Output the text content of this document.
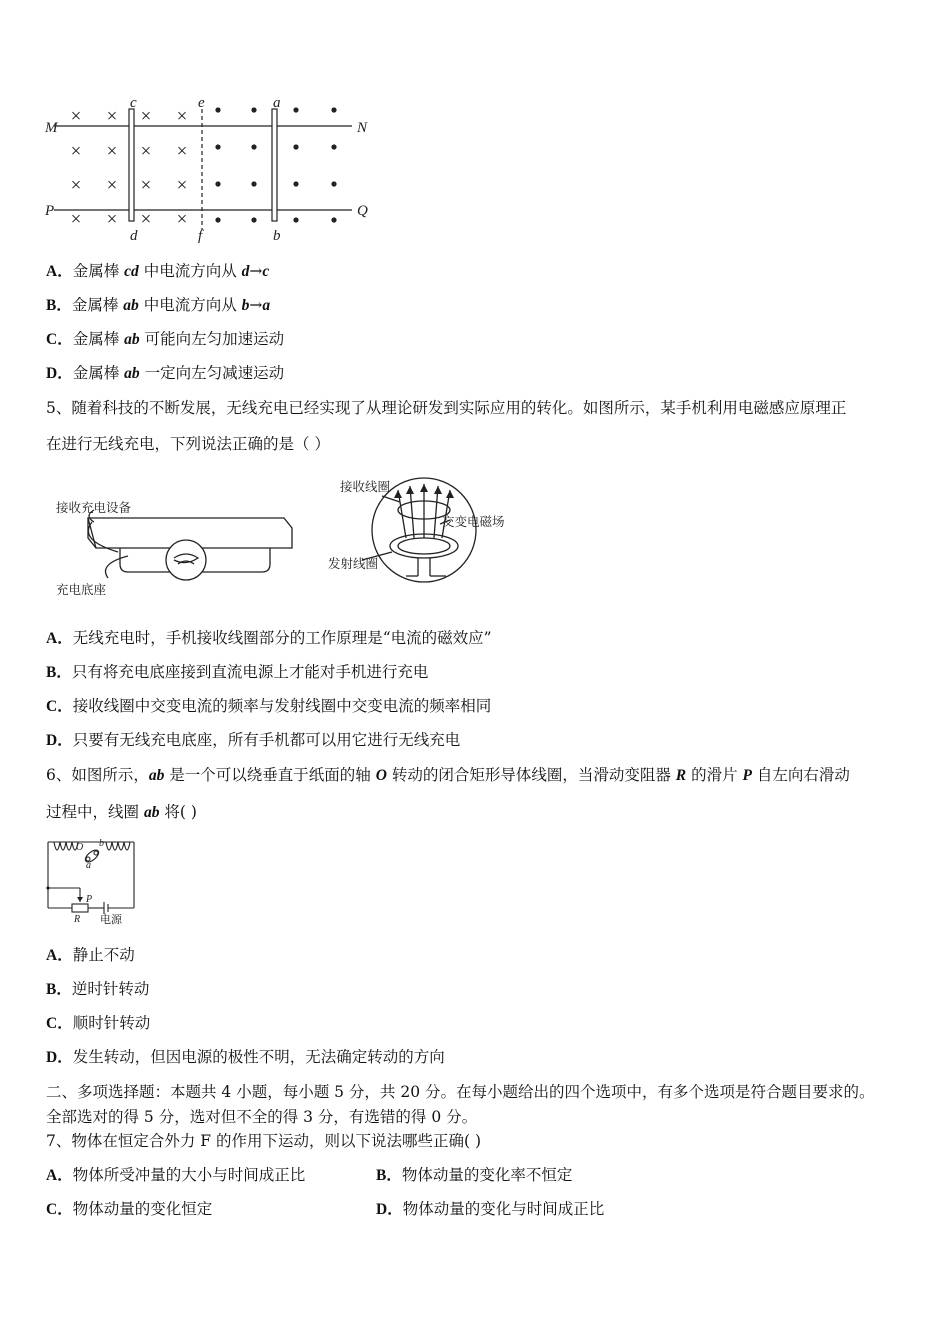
× × × ×
× × × ×
× × × ×
× × × ×
M	N
P	Q
c
d
e
f
a
b
A．金属棒 cd 中电流方向从 d→c
B．金属棒 ab 中电流方向从 b→a
C．金属棒 ab 可能向左匀加速运动
D．金属棒 ab 一定向左匀减速运动
5、随着科技的不断发展，无线充电已经实现了从理论研发到实际应用的转化。如图所示，某手机利用电磁感应原理正
在进行无线充电，下列说法正确的是（ ）
接收充电设备
充电底座
接收线圈
交变电磁场
发射线圈
A．无线充电时，手机接收线圈部分的工作原理是“电流的磁效应”
B．只有将充电底座接到直流电源上才能对手机进行充电
C．接收线圈中交变电流的频率与发射线圈中交变电流的频率相同
D．只要有无线充电底座，所有手机都可以用它进行无线充电
6、如图所示，ab 是一个可以绕垂直于纸面的轴 O 转动的闭合矩形导体线圈，当滑动变阻器 R 的滑片 P 自左向右滑动
过程中，线圈 ab 将( )
O b
a
P
R 电源
A．静止不动
B．逆时针转动
C．顺时针转动
D．发生转动，但因电源的极性不明，无法确定转动的方向
二、多项选择题：本题共 4 小题，每小题 5 分，共 20 分。在每小题给出的四个选项中，有多个选项是符合题目要求的。
全部选对的得 5 分，选对但不全的得 3 分，有选错的得 0 分。
7、物体在恒定合外力 F 的作用下运动，则以下说法哪些正确( )
A．物体所受冲量的大小与时间成正比	B．物体动量的变化率不恒定
C．物体动量的变化恒定	D．物体动量的变化与时间成正比
